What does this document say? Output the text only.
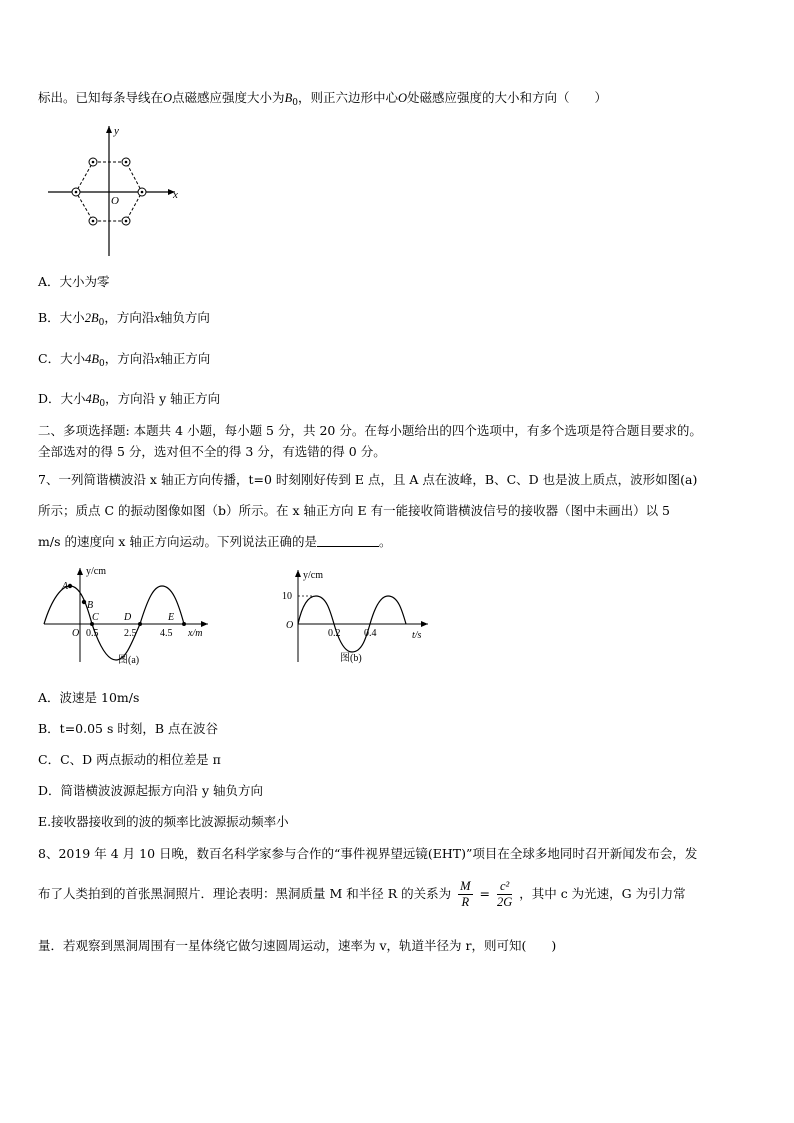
标出。已知每条导线在O点磁感应强度大小为$B_0$，则正六边形中心O处磁感应强度的大小和方向（　　）
y
x
O
A．大小为零
B．大小$2B_0$，方向沿x轴负方向
C．大小$4B_0$，方向沿x轴正方向
D．大小$4B_0$，方向沿 y 轴正方向
二、多项选择题: 本题共 4 小题，每小题 5 分，共 20 分。在每小题给出的四个选项中，有多个选项是符合题目要求的。
全部选对的得 5 分，选对但不全的得 3 分，有选错的得 0 分。
7、一列简谐横波沿 x 轴正方向传播，t=0 时刻刚好传到 E 点，且 A 点在波峰，B、C、D 也是波上质点，波形如图(a)
所示；质点 C 的振动图像如图（b）所示。在 x 轴正方向 E 有一能接收简谐横波信号的接收器（图中未画出）以 5
m/s 的速度向 x 轴正方向运动。下列说法正确的是	。
y/cm
x/m
O 0.5	2.5 4.5
A
B
C	D	E
图(a)
y/cm
10
O
0.2 0.4	t/s
图(b)
A．波速是 10m/s
B．t=0.05 s 时刻，B 点在波谷
C．C、D 两点振动的相位差是 π
D．简谐横波波源起振方向沿 y 轴负方向
E.接收器接收到的波的频率比波源振动频率小
8、2019 年 4 月 10 日晚，数百名科学家参与合作的“事件视界望远镜(EHT)”项目在全球多地同时召开新闻发布会，发
布了人类拍到的首张黑洞照片．理论表明：黑洞质量 M 和半径 R 的关系为 $\frac{M}{R} = \frac{\text{c²}}{2G}$ ，其中 c 为光速，G 为引力常
量．若观察到黑洞周围有一星体绕它做匀速圆周运动，速率为 v，轨道半径为 r，则可知(　　)
